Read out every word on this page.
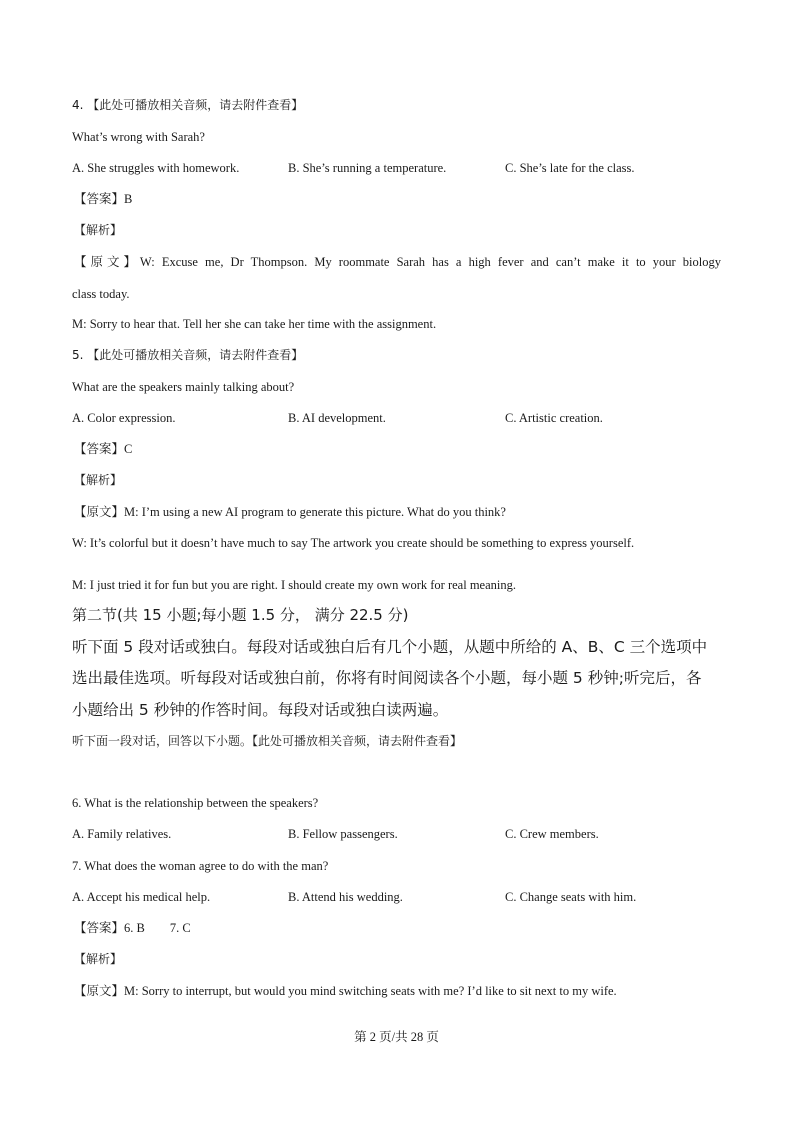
4. 【此处可播放相关音频，请去附件查看】
What’s wrong with Sarah?
A. She struggles with homework.	B. She’s running a temperature.	C. She’s late for the class.
【答案】B
【解析】
【原文】W: Excuse me, Dr Thompson. My roommate Sarah has a high fever and can’t make it to your biology
class today.
M: Sorry to hear that. Tell her she can take her time with the assignment.
5. 【此处可播放相关音频，请去附件查看】
What are the speakers mainly talking about?
A. Color expression.	B. AI development.	C. Artistic creation.
【答案】C
【解析】
【原文】M: I’m using a new AI program to generate this picture. What do you think?
W: It’s colorful but it doesn’t have much to say The artwork you create should be something to express yourself.
M: I just tried it for fun but you are right. I should create my own work for real meaning.
第二节(共 15 小题;每小题 1.5 分， 满分 22.5 分)
听下面 5 段对话或独白。每段对话或独白后有几个小题，从题中所给的 A、B、C 三个选项中
选出最佳选项。听每段对话或独白前，你将有时间阅读各个小题，每小题 5 秒钟;听完后，各
小题给出 5 秒钟的作答时间。每段对话或独白读两遍。
听下面一段对话，回答以下小题。【此处可播放相关音频，请去附件查看】
6. What is the relationship between the speakers?
A. Family relatives.	B. Fellow passengers.	C. Crew members.
7. What does the woman agree to do with the man?
A. Accept his medical help.	B. Attend his wedding.	C. Change seats with him.
【答案】6. B        7. C
【解析】
【原文】M: Sorry to interrupt, but would you mind switching seats with me? I’d like to sit next to my wife.
第 2 页/共 28 页
